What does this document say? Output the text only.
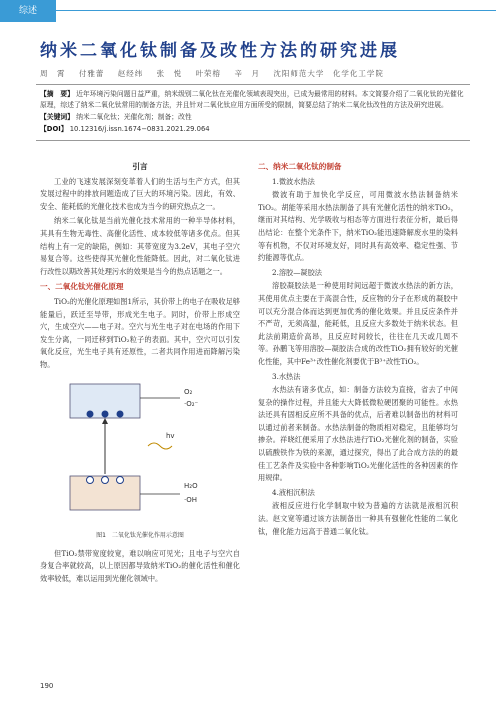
综述
纳米二氧化钛制备及改性方法的研究进展
周　霄 付雅蕾 赵经纬 张　悦 叶荣榕 辛　月 沈阳师范大学　化学化工学院
【摘　要】 近年环境污染问题日益严重，纳米级别二氧化钛在光催化领域表现突出，已成为最常用的材料。本文简要介绍了二氧化钛的光催化原理，综述了纳米二氧化钛常用的制备方法，并且针对二氧化钛应用方面所受的限制，简要总结了纳米二氧化钛改性的方法及研究进展。
【关键词】 纳米二氧化钛；光催化剂；制备；改性
【DOI】 10.12316/j.issn.1674−0831.2021.29.064
引言

工业的飞速发展深刻变革着人们的生活与生产方式，但其发展过程中的排放问题造成了巨大的环境污染。因此，有效、安全、能耗低的光催化技术也成为当今的研究热点之一。

纳米二氧化钛是当前光催化技术常用的一种半导体材料，其具有生物无毒性、高催化活性、成本较低等诸多优点。但其结构上有一定的缺陷，例如：其带宽度为3.2eV，其电子空穴易复合等。这些使得其光催化性能降低。因此，对二氧化钛进行改性以期改善其处理污水的效果是当今的热点话题之一。

一、二氧化钛光催化原理

TiO₂的光催化原理如图1所示，其价带上的电子在吸收足够能量后，跃迁至导带，形成光生电子。同时，价带上形成空穴，生成空穴——电子对。空穴与光生电子对在电场的作用下发生分离，一同迁移到TiO₂粒子的表面。其中，空穴可以引发氧化反应，光生电子具有还原性，二者共同作用进而降解污染物。

hv
O₂
·O₂⁻
H₂O
·OH
图1　二氧化钛光催化作用示意图

但TiO₂禁带宽度较宽，难以响应可见光；且电子与空穴自身复合率就较高，以上原因都导致纳米TiO₂的催化活性和催化效率较低，难以运用到光催化领域中。

二、纳米二氧化钛的制备
1.微波水热法

微波有助于加快化学反应，可用微波水热法制备纳米TiO₂。胡能等采用水热法制备了具有光催化活性的纳米TiO₂，继而对其结构、光学吸收与相态等方面进行表征分析，最后得出结论：在整个光条件下，纳米TiO₂能迅速降解废水里的染料等有机物，不仅对环境友好，同时具有高效率、稳定性强、节约能源等优点。

2.溶胶—凝胶法

溶胶凝胶法是一种使用时间远超于微波水热法的新方法，其使用优点主要在于高混合性，反应物的分子在形成的凝胶中可以充分混合体而达到更加优秀的催化效果。并且反应条件并不严苛，无须高温，能耗低，且反应大多数处于纳米状态。但此法前期造价高昂，且反应时间较长，往往在几天或几周不等。孙鹏飞等用溶胶—凝胶法合成的改性TiO₂拥有较好的光催化性能，其中Fe³⁺改性催化剂要优于B³⁺改性TiO₂。

3.水热法

水热法有诸多优点，如：制备方法较为直接，省去了中间复杂的操作过程，并且能大大降低微粒硬团聚的可能性。水热法还具有固相反应所不具备的优点，后者难以制备出的材料可以通过前者来制备。水热法制备的物质相对稳定，且能够均匀掺杂。祥晓红便采用了水热法进行TiO₂光催化剂的制备，实验以硫酸铁作为铁的来源，通过探究，得出了此合成方法的的最佳工艺条件及实验中各种影响TiO₂光催化活性的各种因素的作用规律。

4.液相沉积法

液相反应进行化学制取中较为普遍的方法就是液相沉积法。赵文宽等通过该方法制备出一种具有强催化性能的二氧化钛，催化能力远高于普通二氧化钛。

190
